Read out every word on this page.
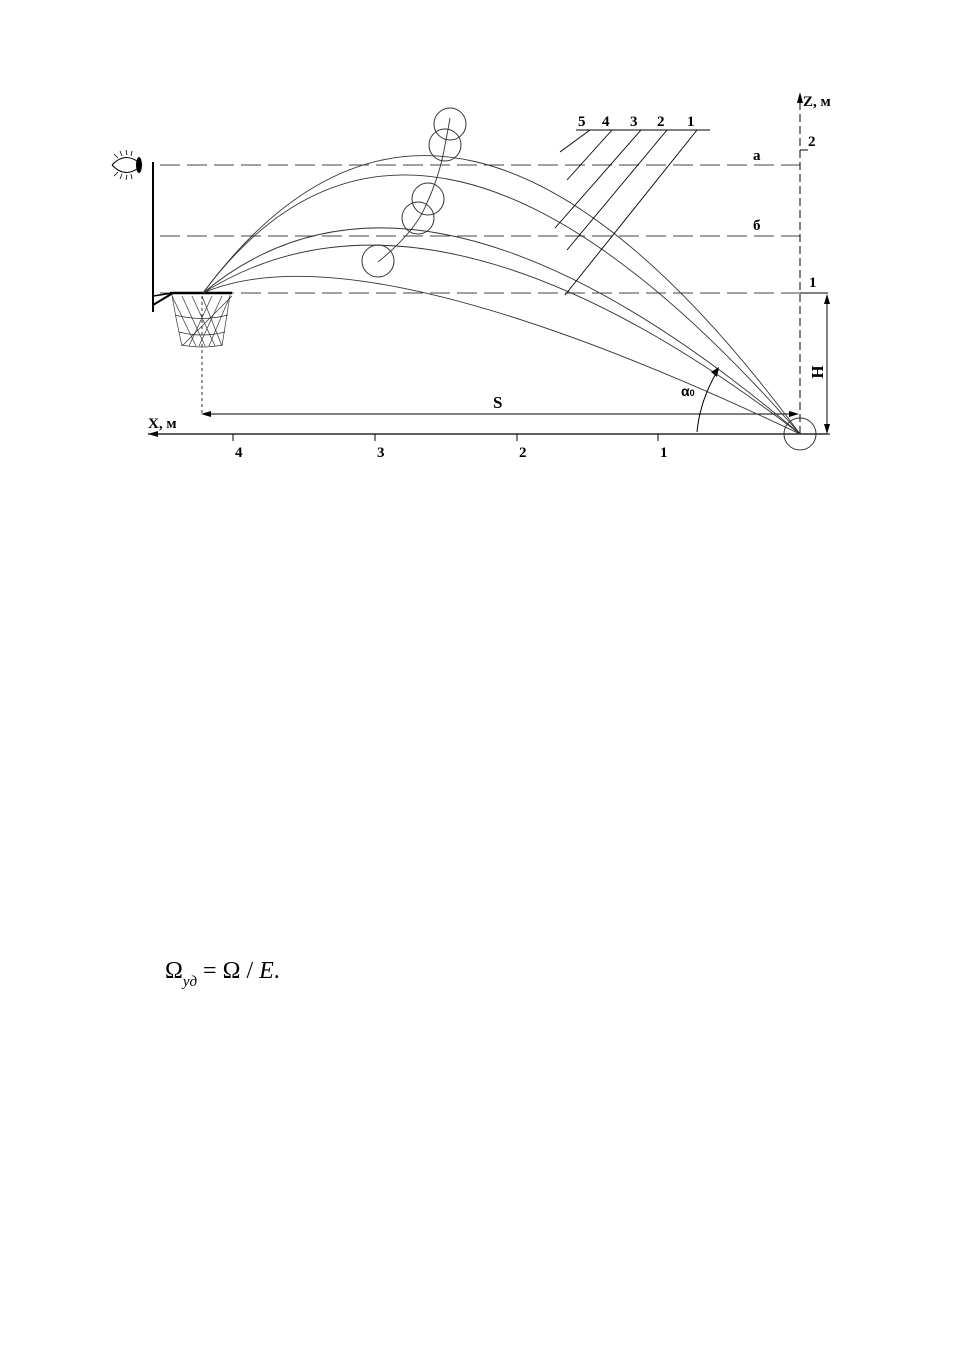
Z, м
X, м
2
1
4	3	2	1
5 4 3 2 1
а
б
S
H
α0
$\Omega_{уд} = \Omega / E$.
